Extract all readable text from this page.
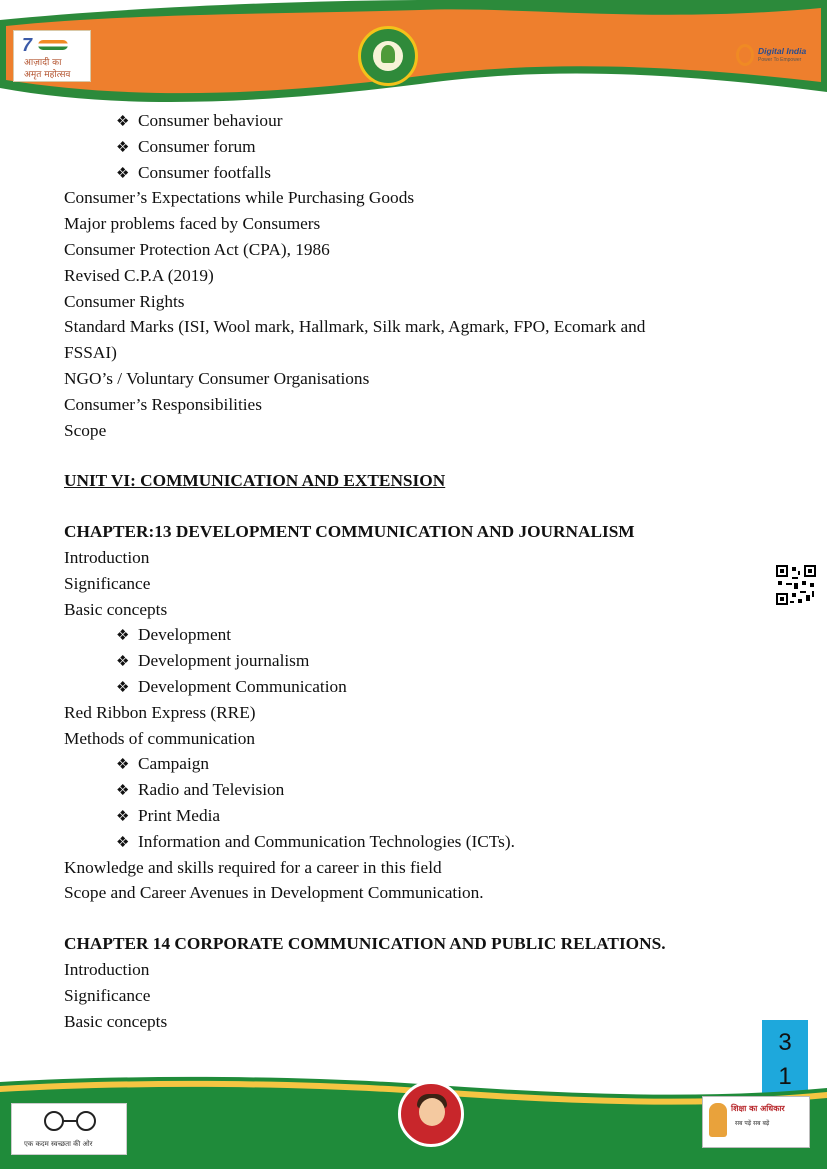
7
आज़ादी का
अमृत महोत्सव
Digital India
Power To Empower
❖ Consumer behaviour
❖ Consumer forum
❖ Consumer footfalls
Consumer’s Expectations while Purchasing Goods
Major problems faced by Consumers
Consumer Protection Act (CPA), 1986
Revised C.P.A (2019)
Consumer Rights
Standard Marks (ISI, Wool mark, Hallmark, Silk mark, Agmark, FPO, Ecomark and
FSSAI)
NGO’s / Voluntary Consumer Organisations
Consumer’s Responsibilities
Scope
UNIT VI: COMMUNICATION AND EXTENSION
CHAPTER:13 DEVELOPMENT COMMUNICATION AND JOURNALISM
Introduction
Significance
Basic concepts
❖ Development
❖ Development journalism
❖ Development Communication
Red Ribbon Express (RRE)
Methods of communication
❖ Campaign
❖ Radio and Television
❖ Print Media
❖ Information and Communication Technologies (ICTs).
Knowledge and skills required for a career in this field
Scope and Career Avenues in Development Communication.
CHAPTER 14 CORPORATE COMMUNICATION AND PUBLIC RELATIONS.
Introduction
Significance
Basic concepts
3
1
एक कदम स्वच्छता की ओर
शिक्षा का अधिकार
सब पढ़ें सब बढ़ें
